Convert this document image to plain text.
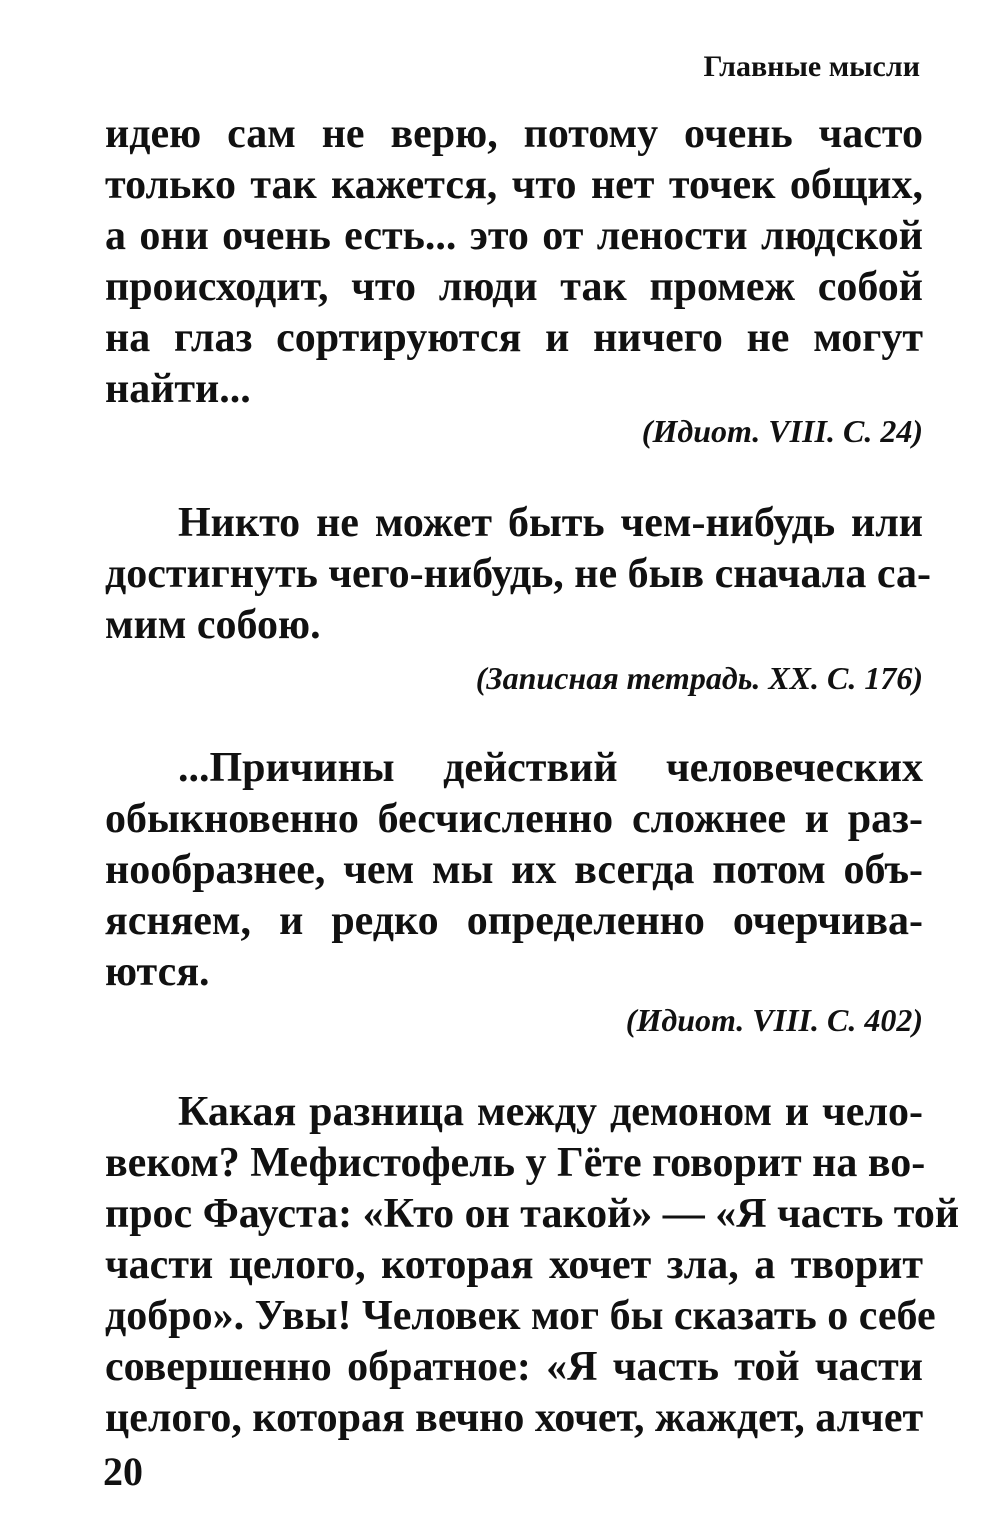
Главные мысли
идею сам не верю, потому очень часто
только так кажется, что нет точек общих,
а они очень есть... это от лености людской
происходит, что люди так промеж собой
на глаз сортируются и ничего не могут
найти...
(Идиот. VIII. С. 24)
Никто не может быть чем-нибудь или
достигнуть чего-нибудь, не быв сначала са-
мим собою.
(Записная тетрадь. XX. С. 176)
...Причины действий человеческих
обыкновенно бесчисленно сложнее и раз-
нообразнее, чем мы их всегда потом объ-
ясняем, и редко определенно очерчива-
ются.
(Идиот. VIII. С. 402)
Какая разница между демоном и чело-
веком? Мефистофель у Гёте говорит на во-
прос Фауста: «Кто он такой» — «Я часть той
части целого, которая хочет зла, а творит
добро». Увы! Человек мог бы сказать о себе
совершенно обратное: «Я часть той части
целого, которая вечно хочет, жаждет, алчет
20
